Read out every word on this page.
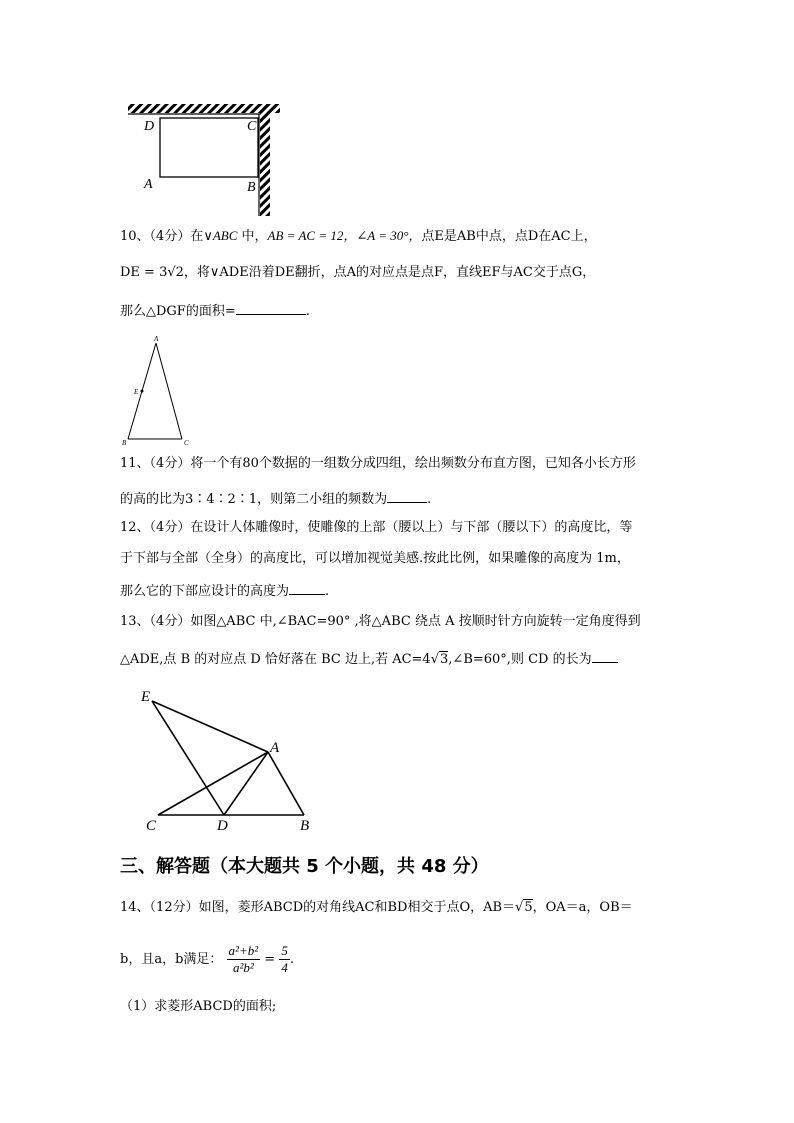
D	C
A	B
10、（4分）在∨ABC 中，AB = AC = 12，∠A = 30°，点E是AB中点，点D在AC上，
DE = 3√2，将∨ADE沿着DE翻折，点A的对应点是点F，直线EF与AC交于点G，
那么△DGF的面积=	.
A
E
B	C
11、（4分）将一个有80个数据的一组数分成四组，绘出频数分布直方图，已知各小长方形
的高的比为3∶4∶2∶1，则第二小组的频数为	.
12、（4分）在设计人体雕像时，使雕像的上部（腰以上）与下部（腰以下）的高度比，等
于下部与全部（全身）的高度比，可以增加视觉美感.按此比例，如果雕像的高度为 1m，
那么它的下部应设计的高度为	.
13、（4分）如图△ABC 中,∠BAC=90° ,将△ABC 绕点 A 按顺时针方向旋转一定角度得到
△ADE,点 B 的对应点 D 恰好落在 BC 边上,若 AC=4√3,∠B=60°,则 CD 的长为
E
A
C	D	B
三、解答题（本大题共 5 个小题，共 48 分）
14、（12分）如图，菱形ABCD的对角线AC和BD相交于点O，AB＝√5，OA＝a，OB＝
b，且a，b满足： $\frac{\text{a²+b²}}{\text{a²b²}} = \frac{5}{4}$ .
（1）求菱形ABCD的面积;
